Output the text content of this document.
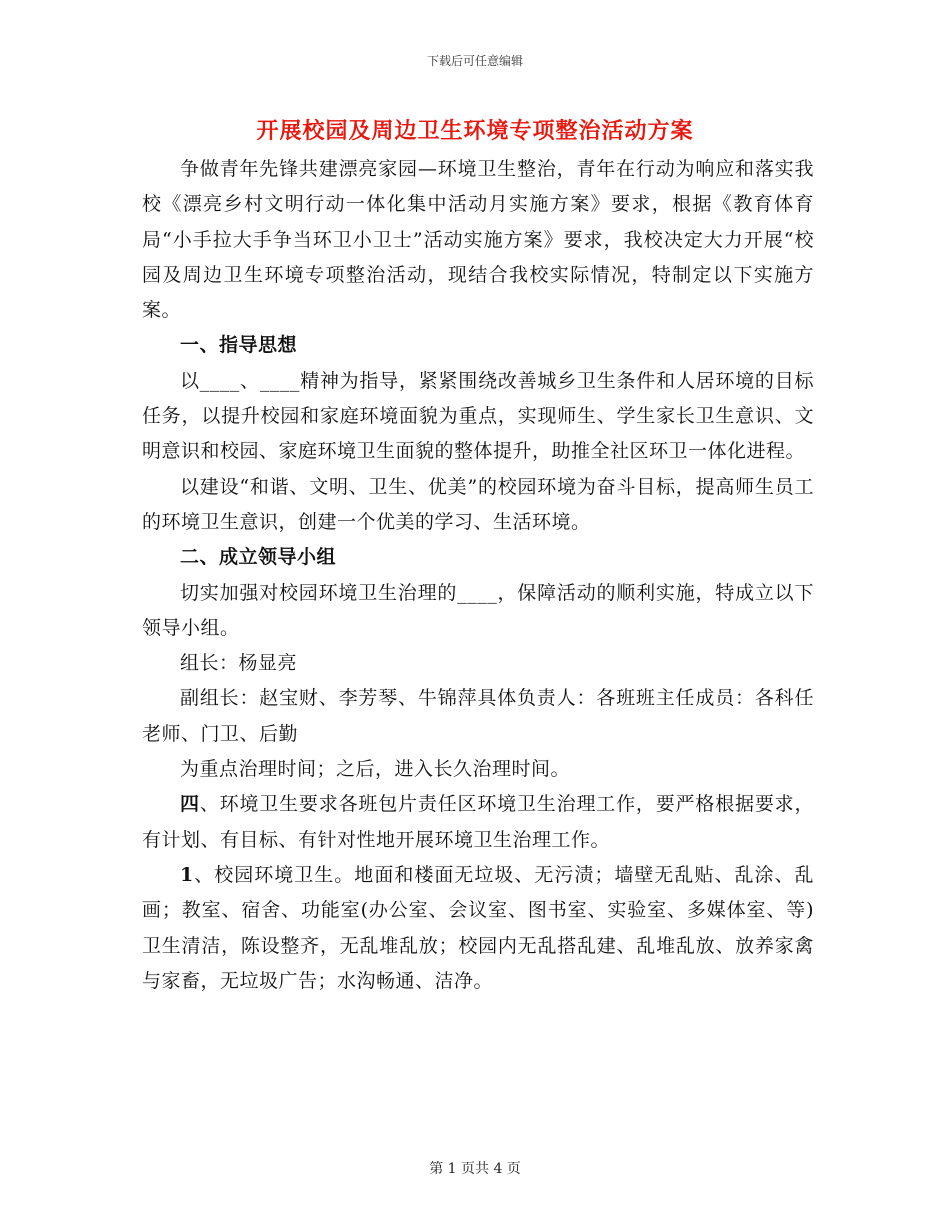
下载后可任意编辑
开展校园及周边卫生环境专项整治活动方案

争做青年先锋共建漂亮家园—环境卫生整治，青年在行动为响应和落实我校《漂亮乡村文明行动一体化集中活动月实施方案》要求，根据《教育体育局“小手拉大手争当环卫小卫士”活动实施方案》要求，我校决定大力开展“校园及周边卫生环境专项整治活动，现结合我校实际情况，特制定以下实施方案。

一、指导思想

以____、____精神为指导，紧紧围绕改善城乡卫生条件和人居环境的目标任务，以提升校园和家庭环境面貌为重点，实现师生、学生家长卫生意识、文明意识和校园、家庭环境卫生面貌的整体提升，助推全社区环卫一体化进程。

以建设“和谐、文明、卫生、优美”的校园环境为奋斗目标，提高师生员工的环境卫生意识，创建一个优美的学习、生活环境。

二、成立领导小组

切实加强对校园环境卫生治理的____，保障活动的顺利实施，特成立以下领导小组。

组长：杨显亮

副组长：赵宝财、李芳琴、牛锦萍具体负责人：各班班主任成员：各科任老师、门卫、后勤

为重点治理时间；之后，进入长久治理时间。

四、环境卫生要求各班包片责任区环境卫生治理工作，要严格根据要求，有计划、有目标、有针对性地开展环境卫生治理工作。

1、校园环境卫生。地面和楼面无垃圾、无污渍；墙壁无乱贴、乱涂、乱画；教室、宿舍、功能室(办公室、会议室、图书室、实验室、多媒体室、等)卫生清洁，陈设整齐，无乱堆乱放；校园内无乱搭乱建、乱堆乱放、放养家禽与家畜，无垃圾广告；水沟畅通、洁净。

第 1 页共 4 页
